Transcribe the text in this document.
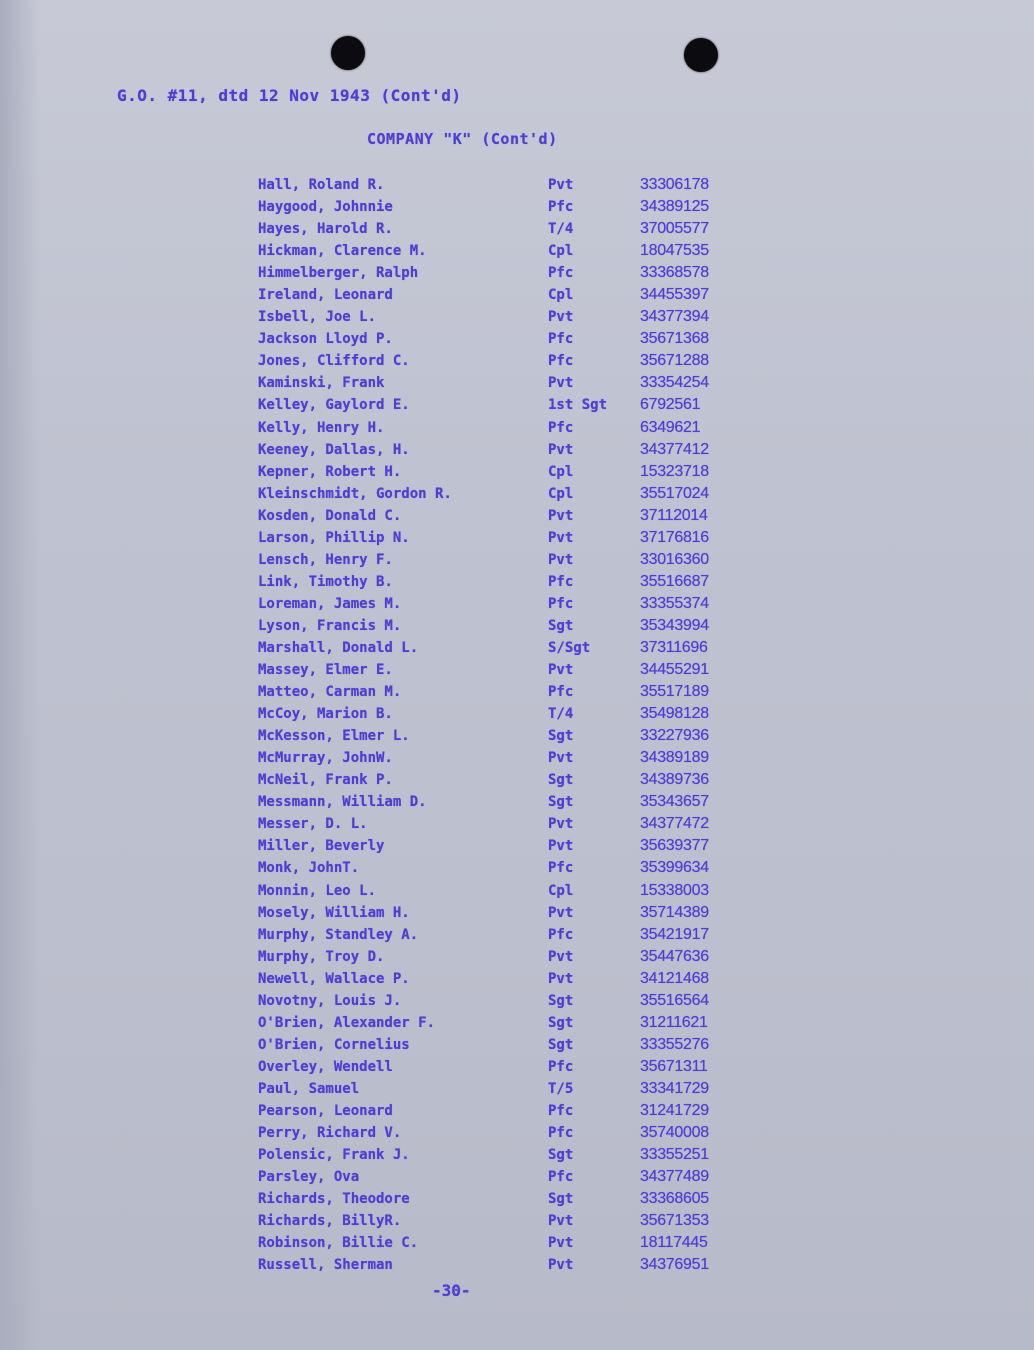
G.O. #11, dtd 12 Nov 1943 (Cont'd)
COMPANY "K" (Cont'd)
Hall, Roland R.	Pvt	33306178
Haygood, Johnnie	Pfc	34389125
Hayes, Harold R.	T/4	37005577
Hickman, Clarence M.	Cpl	18047535
Himmelberger, Ralph	Pfc	33368578
Ireland, Leonard	Cpl	34455397
Isbell, Joe L.	Pvt	34377394
Jackson Lloyd P.	Pfc	35671368
Jones, Clifford C.	Pfc	35671288
Kaminski, Frank	Pvt	33354254
Kelley, Gaylord E.	1st Sgt	6792561
Kelly, Henry H.	Pfc	6349621
Keeney, Dallas, H.	Pvt	34377412
Kepner, Robert H.	Cpl	15323718
Kleinschmidt, Gordon R.	Cpl	35517024
Kosden, Donald C.	Pvt	37112014
Larson, Phillip N.	Pvt	37176816
Lensch, Henry F.	Pvt	33016360
Link, Timothy B.	Pfc	35516687
Loreman, James M.	Pfc	33355374
Lyson, Francis M.	Sgt	35343994
Marshall, Donald L.	S/Sgt	37311696
Massey, Elmer E.	Pvt	34455291
Matteo, Carman M.	Pfc	35517189
McCoy, Marion B.	T/4	35498128
McKesson, Elmer L.	Sgt	33227936
McMurray, JohnW.	Pvt	34389189
McNeil, Frank P.	Sgt	34389736
Messmann, William D.	Sgt	35343657
Messer, D. L.	Pvt	34377472
Miller, Beverly	Pvt	35639377
Monk, JohnT.	Pfc	35399634
Monnin, Leo L.	Cpl	15338003
Mosely, William H.	Pvt	35714389
Murphy, Standley A.	Pfc	35421917
Murphy, Troy D.	Pvt	35447636
Newell, Wallace P.	Pvt	34121468
Novotny, Louis J.	Sgt	35516564
O'Brien, Alexander F.	Sgt	31211621
O'Brien, Cornelius	Sgt	33355276
Overley, Wendell	Pfc	35671311
Paul, Samuel	T/5	33341729
Pearson, Leonard	Pfc	31241729
Perry, Richard V.	Pfc	35740008
Polensic, Frank J.	Sgt	33355251
Parsley, Ova	Pfc	34377489
Richards, Theodore	Sgt	33368605
Richards, BillyR.	Pvt	35671353
Robinson, Billie C.	Pvt	18117445
Russell, Sherman	Pvt	34376951
-30-
